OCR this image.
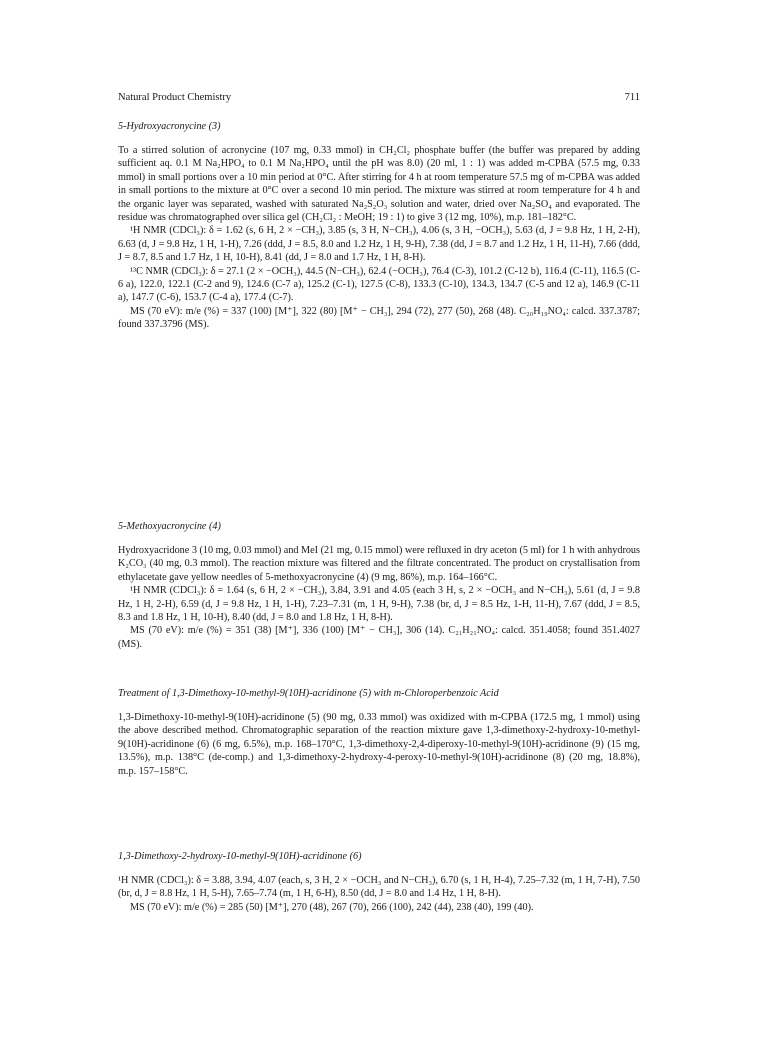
Natural Product Chemistry	711
5-Hydroxyacronycine (3)

To a stirred solution of acronycine (107 mg, 0.33 mmol) in CH₂Cl₂ phosphate buffer (the buffer was prepared by adding sufficient aq. 0.1 M Na₂HPO₄ to 0.1 M Na₂HPO₄ until the pH was 8.0) (20 ml, 1 : 1) was added m-CPBA (57.5 mg, 0.33 mmol) in small portions over a 10 min period at 0°C. After stirring for 4 h at room temperature 57.5 mg of m-CPBA was added in small portions to the mixture at 0°C over a second 10 min period. The mixture was stirred at room temperature for 4 h and the organic layer was separated, washed with saturated Na₂S₂O₃ solution and water, dried over Na₂SO₄ and evaporated. The residue was chromatographed over silica gel (CH₂Cl₂ : MeOH; 19 : 1) to give 3 (12 mg, 10%), m.p. 181–182°C.

¹H NMR (CDCl₃): δ = 1.62 (s, 6 H, 2 × −CH₃), 3.85 (s, 3 H, N−CH₃), 4.06 (s, 3 H, −OCH₃), 5.63 (d, J = 9.8 Hz, 1 H, 2-H), 6.63 (d, J = 9.8 Hz, 1 H, 1-H), 7.26 (ddd, J = 8.5, 8.0 and 1.2 Hz, 1 H, 9-H), 7.38 (dd, J = 8.7 and 1.2 Hz, 1 H, 11-H), 7.66 (ddd, J = 8.7, 8.5 and 1.7 Hz, 1 H, 10-H), 8.41 (dd, J = 8.0 and 1.7 Hz, 1 H, 8-H).

¹³C NMR (CDCl₃): δ = 27.1 (2 × −OCH₃), 44.5 (N−CH₃), 62.4 (−OCH₃), 76.4 (C-3), 101.2 (C-12 b), 116.4 (C-11), 116.5 (C-6 a), 122.0, 122.1 (C-2 and 9), 124.6 (C-7 a), 125.2 (C-1), 127.5 (C-8), 133.3 (C-10), 134.3, 134.7 (C-5 and 12 a), 146.9 (C-11 a), 147.7 (C-6), 153.7 (C-4 a), 177.4 (C-7).

MS (70 eV): m/e (%) = 337 (100) [M⁺], 322 (80) [M⁺ − CH₃], 294 (72), 277 (50), 268 (48). C₂₀H₁₉NO₄: calcd. 337.3787; found 337.3796 (MS).

5-Methoxyacronycine (4)

Hydroxyacridone 3 (10 mg, 0.03 mmol) and MeI (21 mg, 0.15 mmol) were refluxed in dry aceton (5 ml) for 1 h with anhydrous K₂CO₃ (40 mg, 0.3 mmol). The reaction mixture was filtered and the filtrate concentrated. The product on crystallisation from ethylacetate gave yellow needles of 5-methoxyacronycine (4) (9 mg, 86%), m.p. 164–166°C.

¹H NMR (CDCl₃): δ = 1.64 (s, 6 H, 2 × −CH₃), 3.84, 3.91 and 4.05 (each 3 H, s, 2 × −OCH₃ and N−CH₃), 5.61 (d, J = 9.8 Hz, 1 H, 2-H), 6.59 (d, J = 9.8 Hz, 1 H, 1-H), 7.23–7.31 (m, 1 H, 9-H), 7.38 (br, d, J = 8.5 Hz, 1-H, 11-H), 7.67 (ddd, J = 8.5, 8.3 and 1.8 Hz, 1 H, 10-H), 8.40 (dd, J = 8.0 and 1.8 Hz, 1 H, 8-H).

MS (70 eV): m/e (%) = 351 (38) [M⁺], 336 (100) [M⁺ − CH₃], 306 (14). C₂₁H₂₁NO₄: calcd. 351.4058; found 351.4027 (MS).

Treatment of 1,3-Dimethoxy-10-methyl-9(10H)-acridinone (5) with m-Chloroperbenzoic Acid

1,3-Dimethoxy-10-methyl-9(10H)-acridinone (5) (90 mg, 0.33 mmol) was oxidized with m-CPBA (172.5 mg, 1 mmol) using the above described method. Chromatographic separation of the reaction mixture gave 1,3-dimethoxy-2-hydroxy-10-methyl-9(10H)-acridinone (6) (6 mg, 6.5%), m.p. 168–170°C, 1,3-dimethoxy-2,4-diperoxy-10-methyl-9(10H)-acridinone (9) (15 mg, 13.5%), m.p. 138°C (de-comp.) and 1,3-dimethoxy-2-hydroxy-4-peroxy-10-methyl-9(10H)-acridinone (8) (20 mg, 18.8%), m.p. 157–158°C.

1,3-Dimethoxy-2-hydroxy-10-methyl-9(10H)-acridinone (6)

¹H NMR (CDCl₃): δ = 3.88, 3.94, 4.07 (each, s, 3 H, 2 × −OCH₃ and N−CH₃), 6.70 (s, 1 H, H-4), 7.25–7.32 (m, 1 H, 7-H), 7.50 (br, d, J = 8.8 Hz, 1 H, 5-H), 7.65–7.74 (m, 1 H, 6-H), 8.50 (dd, J = 8.0 and 1.4 Hz, 1 H, 8-H).

MS (70 eV): m/e (%) = 285 (50) [M⁺], 270 (48), 267 (70), 266 (100), 242 (44), 238 (40), 199 (40).
